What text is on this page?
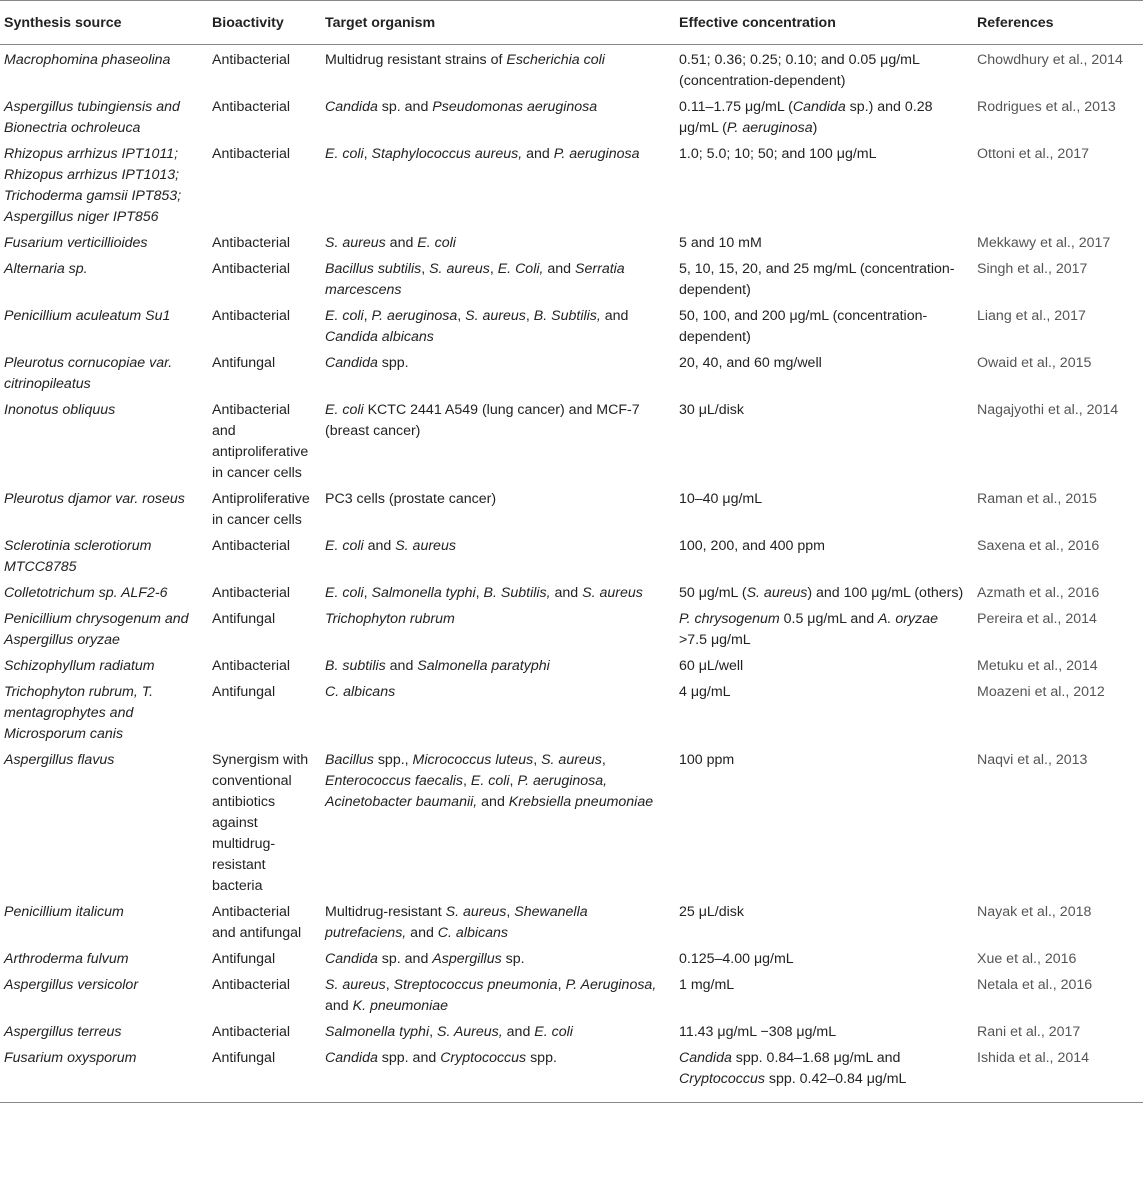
Synthesis source	Bioactivity	Target organism	Effective concentration	References
Macrophomina phaseolina	Antibacterial	Multidrug resistant strains of Escherichia coli	0.51; 0.36; 0.25; 0.10; and 0.05 μg/mL (concentration-dependent)	Chowdhury et al., 2014
Aspergillus tubingiensis and Bionectria ochroleuca	Antibacterial	Candida sp. and Pseudomonas aeruginosa	0.11–1.75 μg/mL (Candida sp.) and 0.28 μg/mL (P. aeruginosa)	Rodrigues et al., 2013
Rhizopus arrhizus IPT1011; Rhizopus arrhizus IPT1013; Trichoderma gamsii IPT853; Aspergillus niger IPT856	Antibacterial	E. coli, Staphylococcus aureus, and P. aeruginosa	1.0; 5.0; 10; 50; and 100 μg/mL	Ottoni et al., 2017
Fusarium verticillioides	Antibacterial	S. aureus and E. coli	5 and 10 mM	Mekkawy et al., 2017
Alternaria sp.	Antibacterial	Bacillus subtilis, S. aureus, E. Coli, and Serratia marcescens	5, 10, 15, 20, and 25 mg/mL (concentration-dependent)	Singh et al., 2017
Penicillium aculeatum Su1	Antibacterial	E. coli, P. aeruginosa, S. aureus, B. Subtilis, and Candida albicans	50, 100, and 200 μg/mL (concentration-dependent)	Liang et al., 2017
Pleurotus cornucopiae var. citrinopileatus	Antifungal	Candida spp.	20, 40, and 60 mg/well	Owaid et al., 2015
Inonotus obliquus	Antibacterial and antiproliferative in cancer cells	E. coli KCTC 2441 A549 (lung cancer) and MCF-7 (breast cancer)	30 μL/disk	Nagajyothi et al., 2014
Pleurotus djamor var. roseus	Antiproliferative in cancer cells	PC3 cells (prostate cancer)	10–40 μg/mL	Raman et al., 2015
Sclerotinia sclerotiorum MTCC8785	Antibacterial	E. coli and S. aureus	100, 200, and 400 ppm	Saxena et al., 2016
Colletotrichum sp. ALF2-6	Antibacterial	E. coli, Salmonella typhi, B. Subtilis, and S. aureus	50 μg/mL (S. aureus) and 100 μg/mL (others)	Azmath et al., 2016
Penicillium chrysogenum and Aspergillus oryzae	Antifungal	Trichophyton rubrum	P. chrysogenum 0.5 μg/mL and A. oryzae >7.5 μg/mL	Pereira et al., 2014
Schizophyllum radiatum	Antibacterial	B. subtilis and Salmonella paratyphi	60 μL/well	Metuku et al., 2014
Trichophyton rubrum, T. mentagrophytes and Microsporum canis	Antifungal	C. albicans	4 μg/mL	Moazeni et al., 2012
Aspergillus flavus	Synergism with conventional antibiotics against multidrug-resistant bacteria	Bacillus spp., Micrococcus luteus, S. aureus, Enterococcus faecalis, E. coli, P. aeruginosa, Acinetobacter baumanii, and Krebsiella pneumoniae	100 ppm	Naqvi et al., 2013
Penicillium italicum	Antibacterial and antifungal	Multidrug-resistant S. aureus, Shewanella putrefaciens, and C. albicans	25 μL/disk	Nayak et al., 2018
Arthroderma fulvum	Antifungal	Candida sp. and Aspergillus sp.	0.125–4.00 μg/mL	Xue et al., 2016
Aspergillus versicolor	Antibacterial	S. aureus, Streptococcus pneumonia, P. Aeruginosa, and K. pneumoniae	1 mg/mL	Netala et al., 2016
Aspergillus terreus	Antibacterial	Salmonella typhi, S. Aureus, and E. coli	11.43 μg/mL −308 μg/mL	Rani et al., 2017
Fusarium oxysporum	Antifungal	Candida spp. and Cryptococcus spp.	Candida spp. 0.84–1.68 μg/mL and Cryptococcus spp. 0.42–0.84 μg/mL	Ishida et al., 2014
